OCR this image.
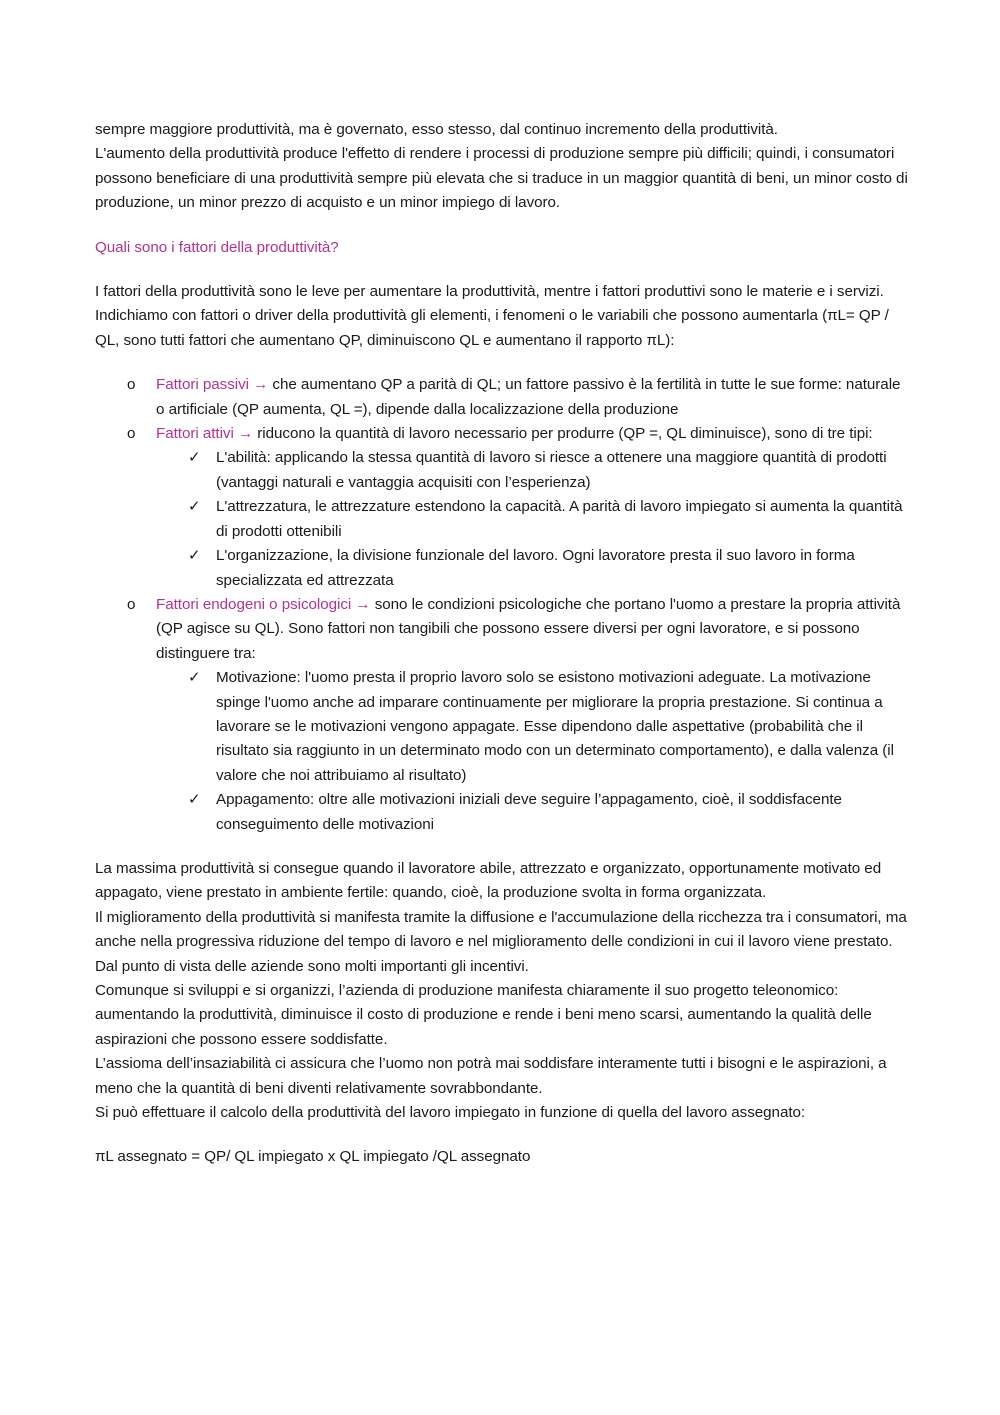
sempre maggiore produttività, ma è governato, esso stesso, dal continuo incremento della produttività.

L'aumento della produttività produce l'effetto di rendere i processi di produzione sempre più difficili; quindi, i consumatori possono beneficiare di una produttività sempre più elevata che si traduce in un maggior quantità di beni, un minor costo di produzione, un minor prezzo di acquisto e un minor impiego di lavoro.

Quali sono i fattori della produttività?

I fattori della produttività sono le leve per aumentare la produttività, mentre i fattori produttivi sono le materie e i servizi.

Indichiamo con fattori o driver della produttività gli elementi, i fenomeni o le variabili che possono aumentarla (πL= QP / QL, sono tutti fattori che aumentano QP, diminuiscono QL e aumentano il rapporto πL):

o Fattori passivi → che aumentano QP a parità di QL; un fattore passivo è la fertilità in tutte le sue forme: naturale o artificiale (QP aumenta, QL =), dipende dalla localizzazione della produzione
o Fattori attivi → riducono la quantità di lavoro necessario per produrre (QP =, QL diminuisce), sono di tre tipi:
✓ L'abilità: applicando la stessa quantità di lavoro si riesce a ottenere una maggiore quantità di prodotti (vantaggi naturali e vantaggia acquisiti con l’esperienza)
✓ L'attrezzatura, le attrezzature estendono la capacità. A parità di lavoro impiegato si aumenta la quantità di prodotti ottenibili
✓ L'organizzazione, la divisione funzionale del lavoro. Ogni lavoratore presta il suo lavoro in forma specializzata ed attrezzata
o Fattori endogeni o psicologici → sono le condizioni psicologiche che portano l'uomo a prestare la propria attività (QP agisce su QL). Sono fattori non tangibili che possono essere diversi per ogni lavoratore, e si possono distinguere tra:
✓ Motivazione: l'uomo presta il proprio lavoro solo se esistono motivazioni adeguate. La motivazione spinge l'uomo anche ad imparare continuamente per migliorare la propria prestazione. Si continua a lavorare se le motivazioni vengono appagate. Esse dipendono dalle aspettative (probabilità che il risultato sia raggiunto in un determinato modo con un determinato comportamento), e dalla valenza (il valore che noi attribuiamo al risultato)
✓ Appagamento: oltre alle motivazioni iniziali deve seguire l’appagamento, cioè, il soddisfacente conseguimento delle motivazioni

La massima produttività si consegue quando il lavoratore abile, attrezzato e organizzato, opportunamente motivato ed appagato, viene prestato in ambiente fertile: quando, cioè, la produzione svolta in forma organizzata.

Il miglioramento della produttività si manifesta tramite la diffusione e l'accumulazione della ricchezza tra i consumatori, ma anche nella progressiva riduzione del tempo di lavoro e nel miglioramento delle condizioni in cui il lavoro viene prestato. Dal punto di vista delle aziende sono molti importanti gli incentivi.

Comunque si sviluppi e si organizzi, l’azienda di produzione manifesta chiaramente il suo progetto teleonomico: aumentando la produttività, diminuisce il costo di produzione e rende i beni meno scarsi, aumentando la qualità delle aspirazioni che possono essere soddisfatte.

L’assioma dell’insaziabilità ci assicura che l’uomo non potrà mai soddisfare interamente tutti i bisogni e le aspirazioni, a meno che la quantità di beni diventi relativamente sovrabbondante.

Si può effettuare il calcolo della produttività del lavoro impiegato in funzione di quella del lavoro assegnato:

πL assegnato = QP/ QL impiegato x QL impiegato /QL assegnato
